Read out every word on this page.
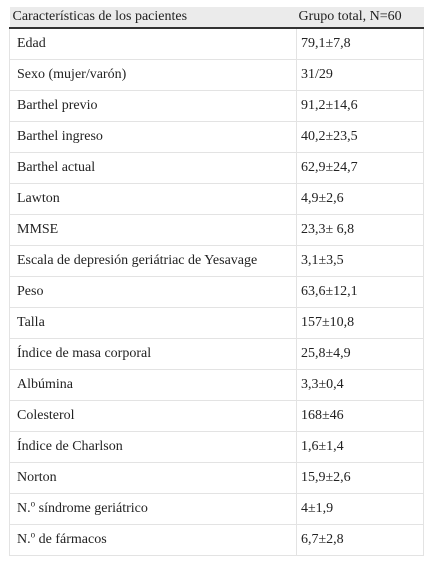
Características de los pacientes	Grupo total, N=60
Edad	79,1±7,8
Sexo (mujer/varón)	31/29
Barthel previo	91,2±14,6
Barthel ingreso	40,2±23,5
Barthel actual	62,9±24,7
Lawton	4,9±2,6
MMSE	23,3± 6,8
Escala de depresión geriátriac de Yesavage	3,1±3,5
Peso	63,6±12,1
Talla	157±10,8
Índice de masa corporal	25,8±4,9
Albúmina	3,3±0,4
Colesterol	168±46
Índice de Charlson	1,6±1,4
Norton	15,9±2,6
N.$^o$ síndrome geriátrico	4±1,9
N.$^o$ de fármacos	6,7±2,8
